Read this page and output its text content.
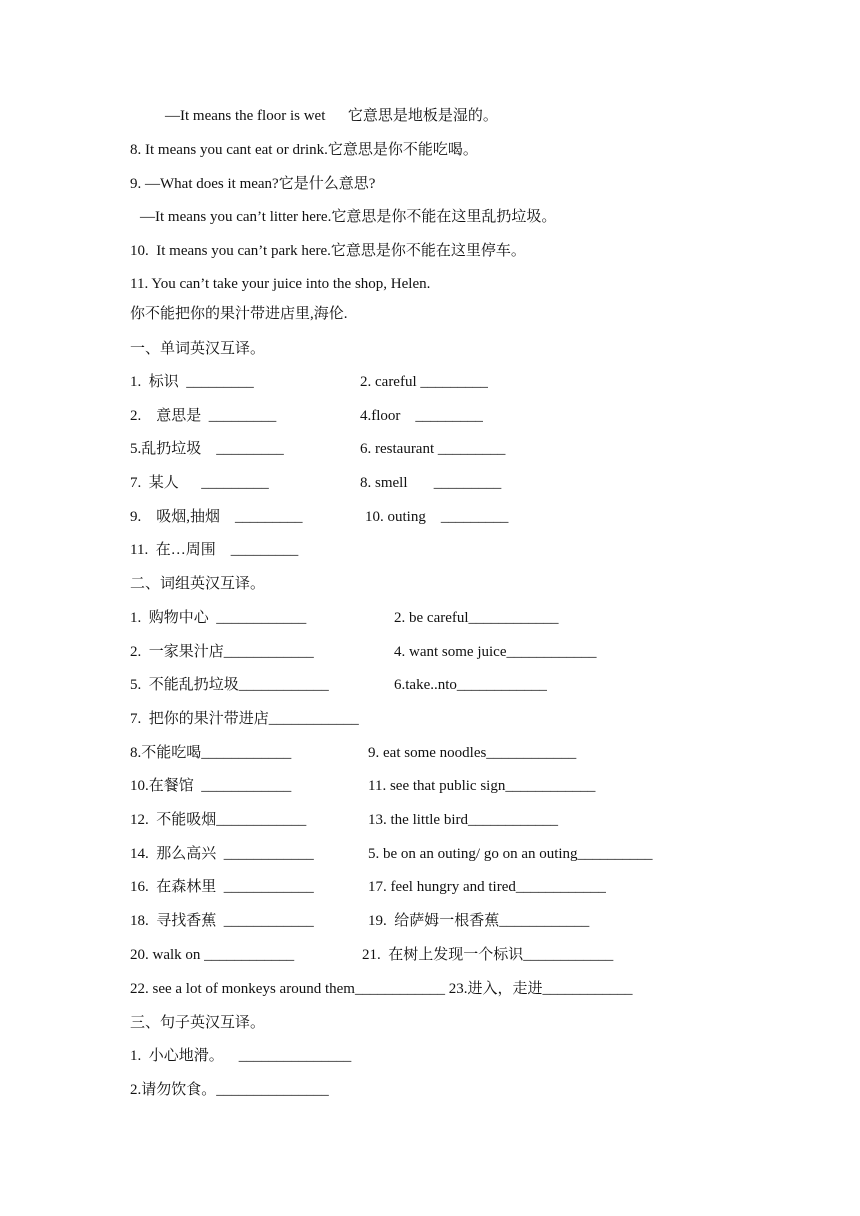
—It means the floor is wet      它意思是地板是湿的。
8. It means you cant eat or drink.它意思是你不能吃喝。
9. —What does it mean?它是什么意思?
—It means you can’t litter here.它意思是你不能在这里乱扔垃圾。
10.  It means you can’t park here.它意思是你不能在这里停车。
11. You can’t take your juice into the shop, Helen.
你不能把你的果汁带进店里,海伦.
一、单词英汉互译。
1.  标识  _________	2. careful _________
2.    意思是  _________	4.floor    _________
5.乱扔垃圾    _________	6. restaurant _________
7.  某人      _________	8. smell       _________
9.    吸烟,抽烟    _________	10. outing    _________
11.  在…周围    _________
二、词组英汉互译。
1.  购物中心  ____________	2. be careful____________
2.  一家果汁店____________	4. want some juice____________
5.  不能乱扔垃圾____________	6.take..nto____________
7.  把你的果汁带进店____________
8.不能吃喝____________	9. eat some noodles____________
10.在餐馆  ____________	11. see that public sign____________
12.  不能吸烟____________	13. the little bird____________
14.  那么高兴  ____________	5. be on an outing/ go on an outing__________
16.  在森林里  ____________	17. feel hungry and tired____________
18.  寻找香蕉  ____________	19.  给萨姆一根香蕉____________
20. walk on ____________	21.  在树上发现一个标识____________
22. see a lot of monkeys around them____________ 23.进入，走进____________
三、句子英汉互译。
1.  小心地滑。    _______________
2.请勿饮食。_______________
